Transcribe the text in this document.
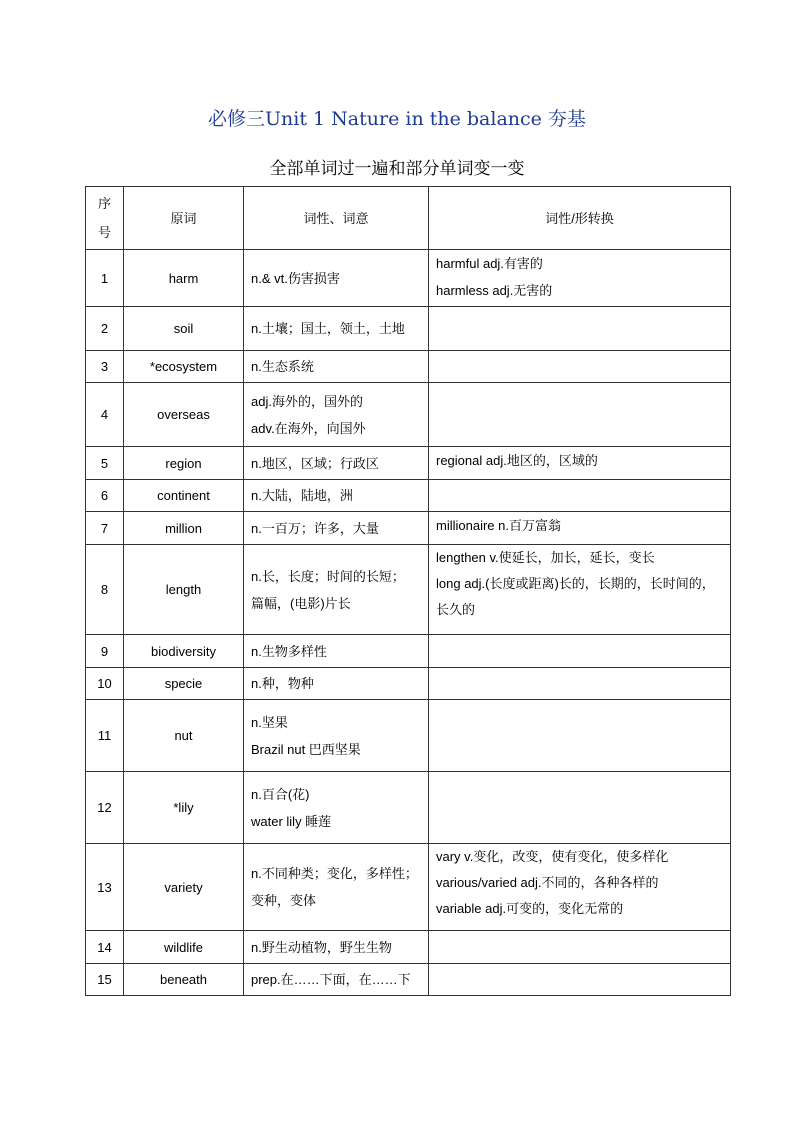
必修三Unit 1 Nature in the balance 夯基
全部单词过一遍和部分单词变一变
序
号	原词	词性、词意	词性/形转换
1	harm	n.& vt.伤害损害	harmful adj.有害的
harmless adj.无害的

2	soil	n.土壤；国土，领土，土地	

3	*ecosystem	n.生态系统	

4	overseas	adj.海外的，国外的
adv.在海外，向国外	

5	region	n.地区，区域；行政区	regional adj.地区的，区域的

6	continent	n.大陆，陆地，洲	

7	million	n.一百万；许多，大量	millionaire n.百万富翁

8	length	n.长，长度；时间的长短；
篇幅，(电影)片长	lengthen v.使延长，加长，延长，变长
long adj.(长度或距离)长的，长期的，长时间的，
长久的

9	biodiversity	n.生物多样性	

10	specie	n.种，物种	

11	nut	n.坚果
Brazil nut 巴西坚果	

12	*lily	n.百合(花)
water lily 睡莲	

13	variety	n.不同种类；变化，多样性；
变种，变体	vary v.变化，改变，使有变化，使多样化
various/varied adj.不同的，各种各样的
variable adj.可变的，变化无常的

14	wildlife	n.野生动植物，野生生物	

15	beneath	prep.在……下面，在……下	
